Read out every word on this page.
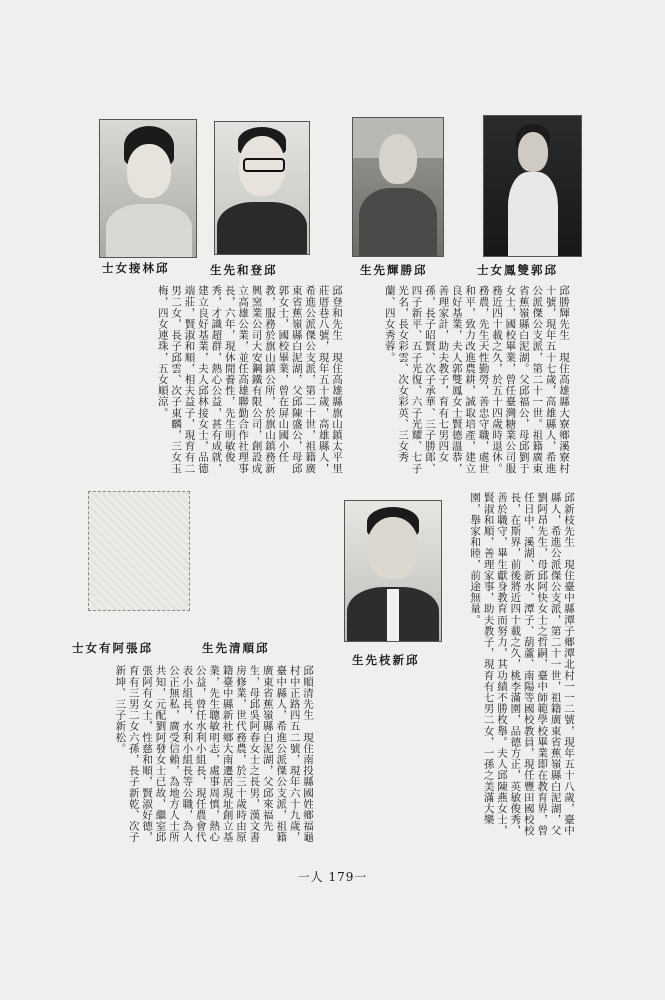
士女接林邱	生先和登邱	生先輝勝邱	士女鳳雙郭邱
邱勝輝先生　現住高雄縣大寮鄉溪寮村十號，現年五十七歲，高雄縣人，希進公派傑公支派，第二十一世。祖籍廣東省蕉嶺縣白泥湖。父邱福公，母邱劉于女士，國校畢業，曾任臺灣糖業公司服務近四十載之久，於五十四歲時退休。務農，先生天性勤勞，善忠守職，處世和平，致力改進農耕，誠取培產，建立良好基業，夫人郭雙鳳女士賢德溫恭，善理家計，助夫教子，育有七男四女孫，長子昭賢、次子承華、三子勝郎、四子新平、五子光復、六子光耀、七子光名，長女彩雲、次女彩英、三女秀蘭、四女秀蓉。
邱登和先生　現住高雄縣旗山鎮太平里莊厝巷八號，現年五十歲，高雄縣人，希進公派傑公支派，第二十世，祖籍廣東省蕉嶺縣白泥湖，父邱陳盛公，母邱郭女士，國校畢業，曾在屏山國小任教，服務於旗山鎮公所，於旗山鎮務新興窯業公司大安鋼鐵有限公司，創設成立高雄公業，並任高雄聯勤合作社理事長，六年，現休閒養性，先生明敏俊秀，才識超群，熱心公益，甚有成就，建立良好基業，夫人邱林接女士，品德端莊，賢淑和順，相夫益子，現育有二男二女，長子邱雲、次子東麟，三女玉梅，四女連珠，五女順涼。
生先枝新邱
生先清順邱
士女有阿張邱	邱新枝先生　現住臺中縣潭子鄉潭北村一一二號，現年五十八歲，臺中縣人，希進公派傑公支派，第二十一世，祖籍廣東省蕉嶺縣白泥湖，父劉阿昂先生，母邱阿快女士之哲嗣，臺中師範學校畢業即在教育界，曾任日中、溪湖、新水、潭子、葫蘆、南陽等國校教員，現任豐田國校校長，在斯界，前後將近四十載之久，桃李滿園，品德方正，英敏俊秀，善於職守，畢生獻身教育而努力，其功績不勝枚舉。夫人邱陳燕女士，賢淑和順，善理家事，助夫教子，現育有七男二女，一孫之美滿大樂園，舉家和睦，前途無量。
邱順清先生　現住南投縣國姓鄉福龜村中正路四五二號，現年六十九歲，臺中縣人，希進公派傑公支派，祖籍廣東省蕉嶺縣白泥湖，父邱來福先生，母邱吳阿春女士之長男，漢文書房修業，世代務農，於三十歲時由原籍臺中縣新社鄉大南遷居現址創立基業，先生聰敏明志，處事周慎，熱心公益，曾任水利小組長，現任農會代表小組長，水利小組長等公職，為人公正無私，廣受信賴，為地方人士所共知，元配劉阿發女士已故，繼室邱張阿有女士，性慈和順，賢淑好德，育有三男二女六孫，長子新乾、次子新坤、三子新松。
一人 179一
